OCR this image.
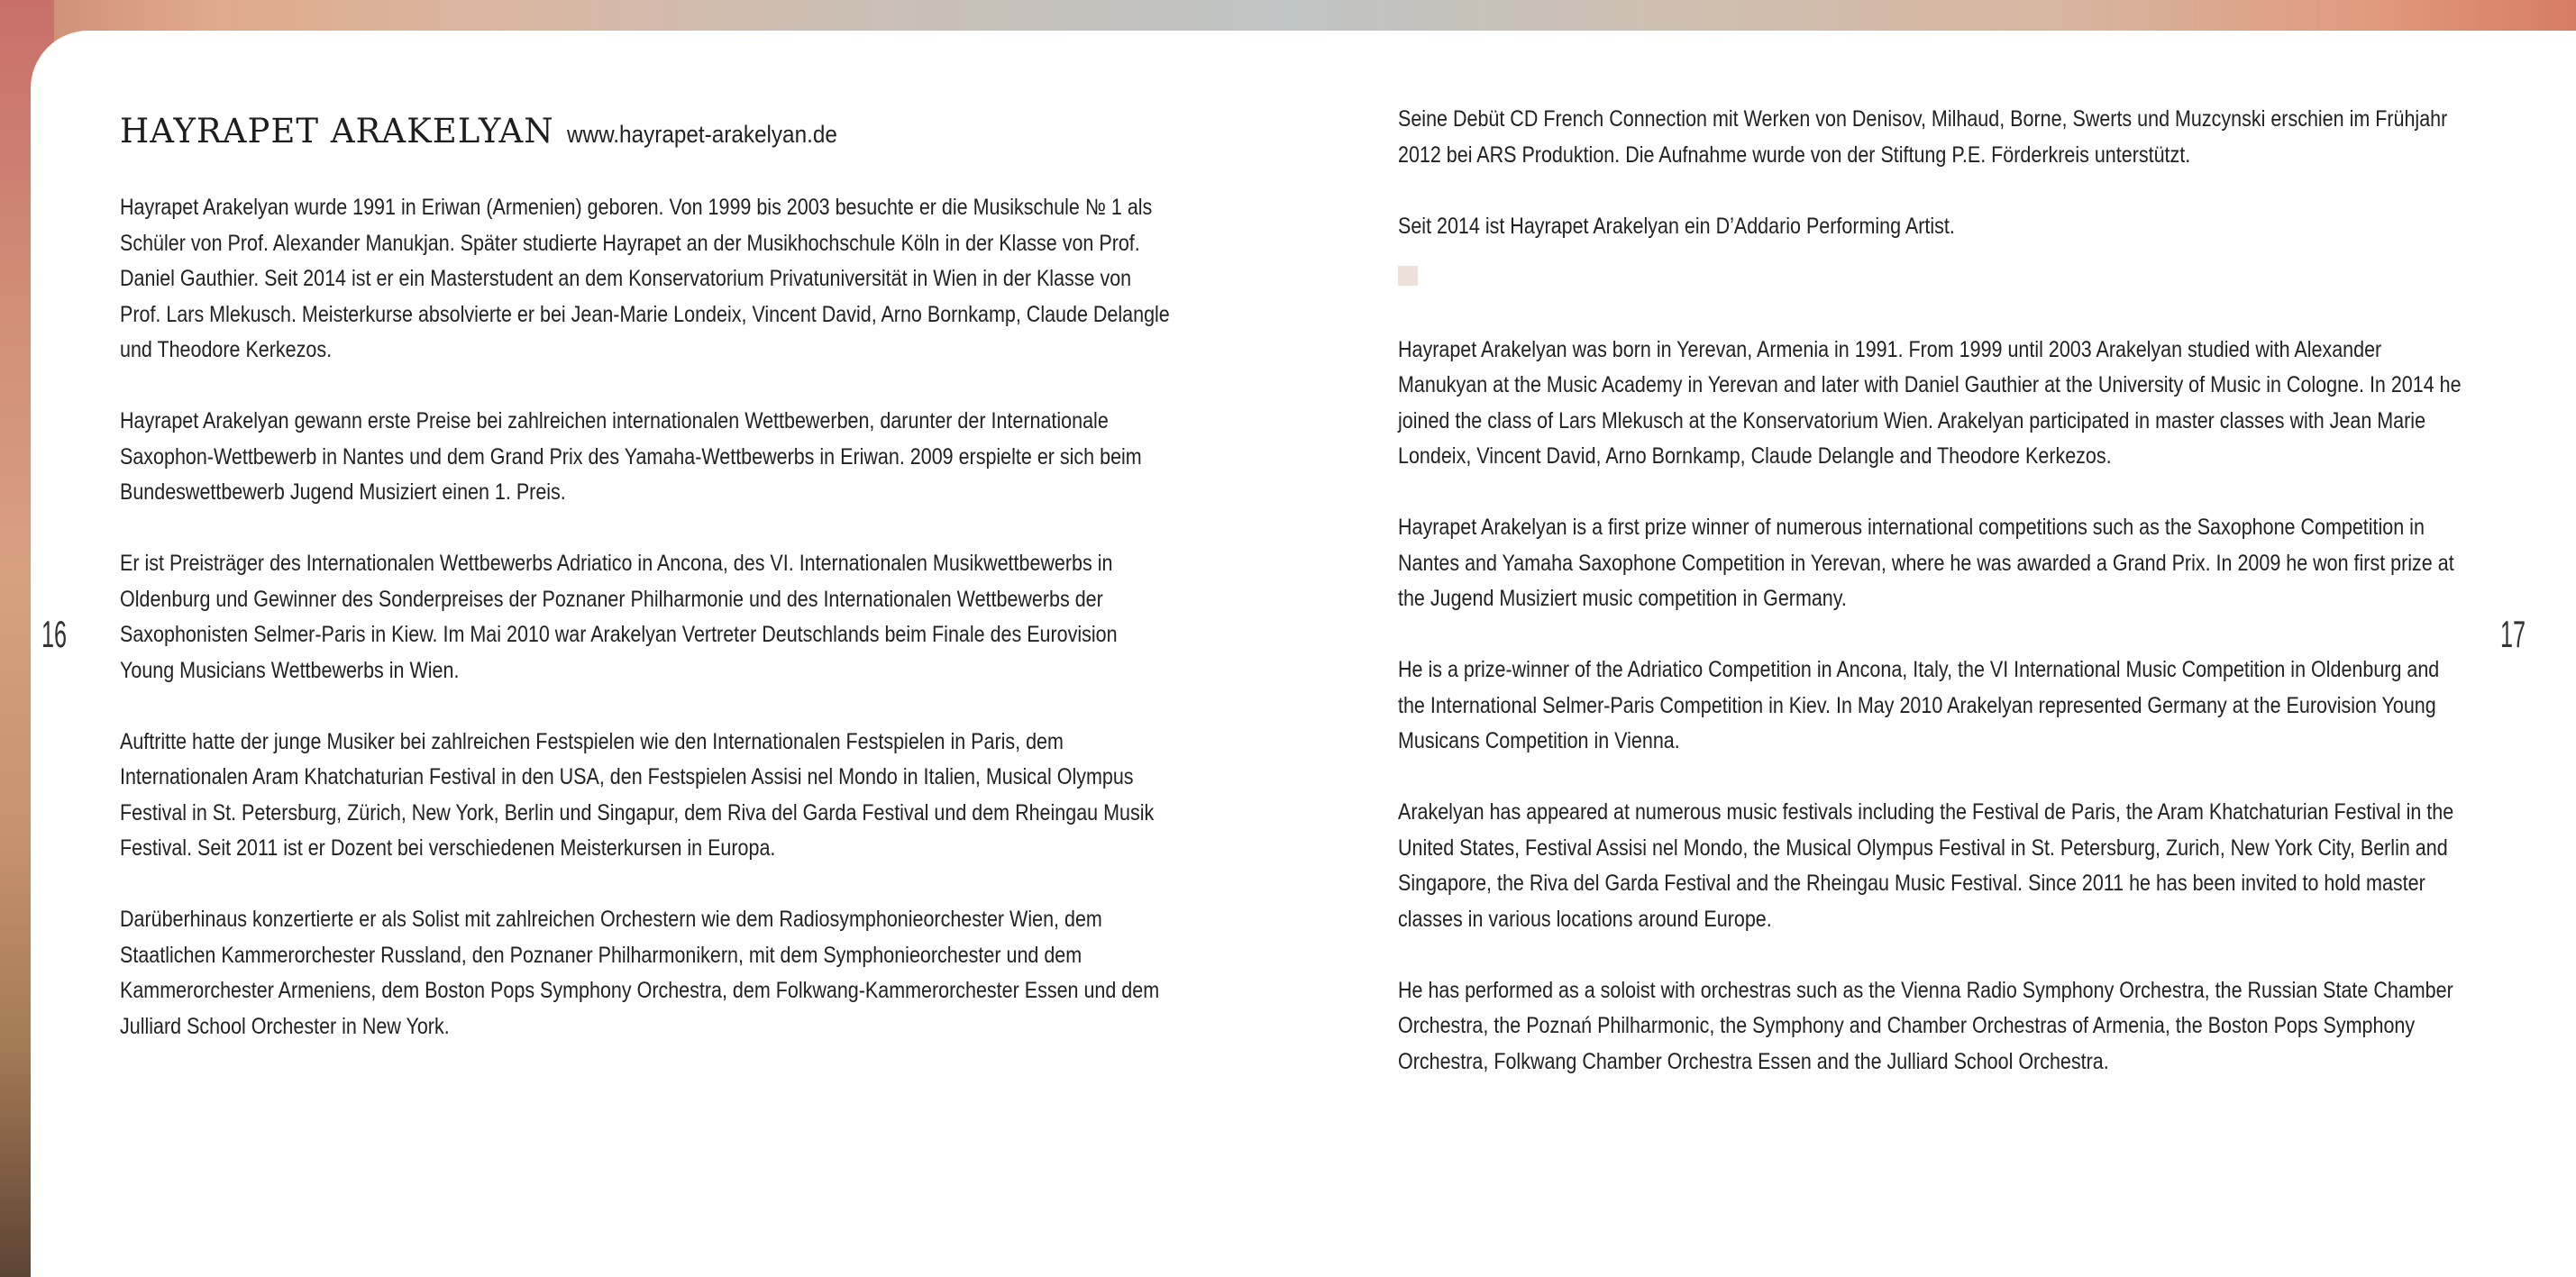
HAYRAPET ARAKELYAN www.hayrapet-arakelyan.de

Hayrapet Arakelyan wurde 1991 in Eriwan (Armenien) geboren. Von 1999 bis 2003 besuchte er die Musikschule № 1 als Schüler von Prof. Alexander Manukjan. Später studierte Hayrapet an der Musikhochschule Köln in der Klasse von Prof. Daniel Gauthier. Seit 2014 ist er ein Masterstudent an dem Konservatorium Privatuniversität in Wien in der Klasse von Prof. Lars Mlekusch. Meisterkurse absolvierte er bei Jean-Marie Londeix, Vincent David, Arno Bornkamp, Claude Delangle und Theodore Kerkezos.

Hayrapet Arakelyan gewann erste Preise bei zahlreichen internationalen Wettbewerben, darunter der Internationale Saxophon-Wettbewerb in Nantes und dem Grand Prix des Yamaha-Wettbewerbs in Eriwan. 2009 erspielte er sich beim Bundeswettbewerb Jugend Musiziert einen 1. Preis.

Er ist Preisträger des Internationalen Wettbewerbs Adriatico in Ancona, des VI. Internationalen Musikwettbewerbs in Oldenburg und Gewinner des Sonderpreises der Poznaner Philharmonie und des Internationalen Wettbewerbs der Saxophonisten Selmer-Paris in Kiew. Im Mai 2010 war Arakelyan Vertreter Deutschlands beim Finale des Eurovision Young Musicians Wettbewerbs in Wien.

Auftritte hatte der junge Musiker bei zahlreichen Festspielen wie den Internationalen Festspielen in Paris, dem Internationalen Aram Khatchaturian Festival in den USA, den Festspielen Assisi nel Mondo in Italien, Musical Olympus Festival in St. Petersburg, Zürich, New York, Berlin und Singapur, dem Riva del Garda Festival und dem Rheingau Musik Festival. Seit 2011 ist er Dozent bei verschiedenen Meisterkursen in Europa.

Darüberhinaus konzertierte er als Solist mit zahlreichen Orchestern wie dem Radiosymphonieorchester Wien, dem Staatlichen Kammerorchester Russland, den Poznaner Philharmonikern, mit dem Symphonieorchester und dem Kammerorchester Armeniens, dem Boston Pops Symphony Orchestra, dem Folkwang-Kammerorchester Essen und dem Julliard School Orchester in New York.

Seine Debüt CD French Connection mit Werken von Denisov, Milhaud, Borne, Swerts und Muzcynski erschien im Frühjahr 2012 bei ARS Produktion. Die Aufnahme wurde von der Stiftung P.E. Förderkreis unterstützt.

Seit 2014 ist Hayrapet Arakelyan ein D’Addario Performing Artist.

Hayrapet Arakelyan was born in Yerevan, Armenia in 1991. From 1999 until 2003 Arakelyan studied with Alexander Manukyan at the Music Academy in Yerevan and later with Daniel Gauthier at the University of Music in Cologne. In 2014 he joined the class of Lars Mlekusch at the Konservatorium Wien. Arakelyan participated in master classes with Jean Marie Londeix, Vincent David, Arno Bornkamp, Claude Delangle and Theodore Kerkezos.

Hayrapet Arakelyan is a first prize winner of numerous international competitions such as the Saxophone Competition in Nantes and Yamaha Saxophone Competition in Yerevan, where he was awarded a Grand Prix. In 2009 he won first prize at the Jugend Musiziert music competition in Germany.

He is a prize-winner of the Adriatico Competition in Ancona, Italy, the VI International Music Competition in Oldenburg and the International Selmer-Paris Competition in Kiev. In May 2010 Arakelyan represented Germany at the Eurovision Young Musicans Competition in Vienna.

Arakelyan has appeared at numerous music festivals including the Festival de Paris, the Aram Khatchaturian Festival in the United States, Festival Assisi nel Mondo, the Musical Olympus Festival in St. Petersburg, Zurich, New York City, Berlin and Singapore, the Riva del Garda Festival and the Rheingau Music Festival. Since 2011 he has been invited to hold master classes in various locations around Europe.

He has performed as a soloist with orchestras such as the Vienna Radio Symphony Orchestra, the Russian State Chamber Orchestra, the Poznań Philharmonic, the Symphony and Chamber Orchestras of Armenia, the Boston Pops Symphony Orchestra, Folkwang Chamber Orchestra Essen and the Julliard School Orchestra.

16	17
